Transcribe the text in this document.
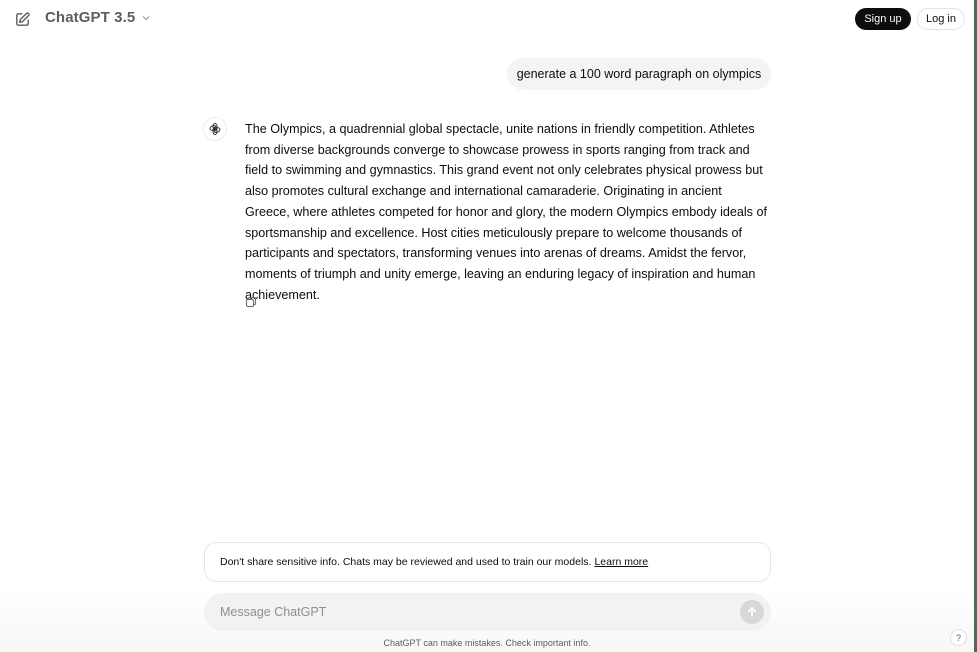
ChatGPT 3.5	Sign up	Log in
generate a 100 word paragraph on olympics
The Olympics, a quadrennial global spectacle, unite nations in friendly competition. Athletes from diverse backgrounds converge to showcase prowess in sports ranging from track and field to swimming and gymnastics. This grand event not only celebrates physical prowess but also promotes cultural exchange and international camaraderie. Originating in ancient Greece, where athletes competed for honor and glory, the modern Olympics embody ideals of sportsmanship and excellence. Host cities meticulously prepare to welcome thousands of participants and spectators, transforming venues into arenas of dreams. Amidst the fervor, moments of triumph and unity emerge, leaving an enduring legacy of inspiration and human achievement.
Don't share sensitive info. Chats may be reviewed and used to train our models. Learn more
Message ChatGPT
ChatGPT can make mistakes. Check important info.
?
